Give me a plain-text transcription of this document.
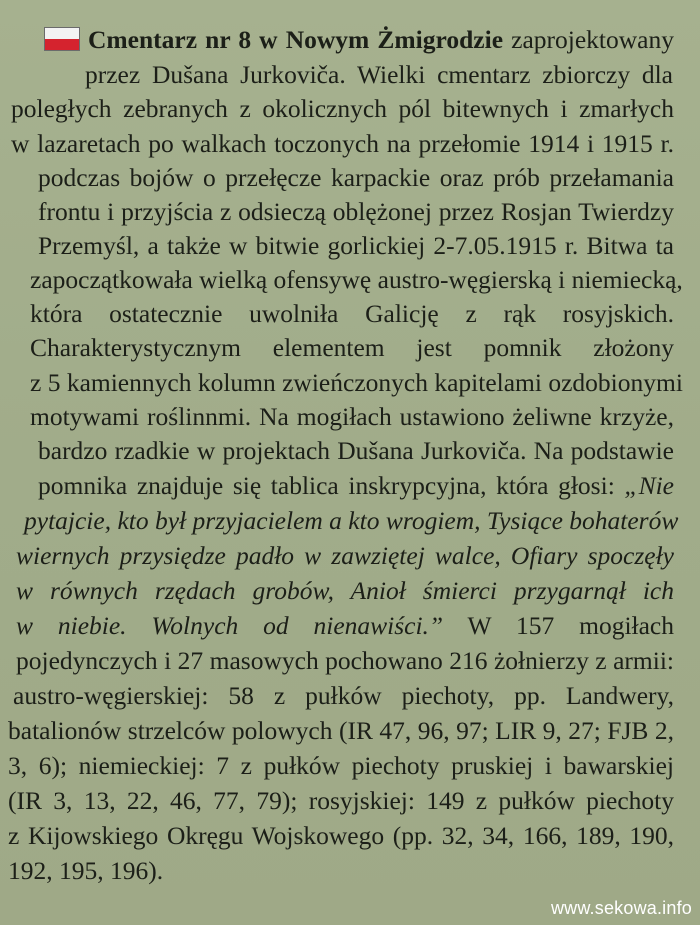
Cmentarz nr 8 w Nowym Żmigrodzie zaprojektowany
przez Dušana Jurkoviča. Wielki cmentarz zbiorczy dla
poległych zebranych z okolicznych pól bitewnych i zmarłych
w lazaretach po walkach toczonych na przełomie 1914 i 1915 r.
podczas bojów o przełęcze karpackie oraz prób przełamania
frontu i przyjścia z odsieczą oblężonej przez Rosjan Twierdzy
Przemyśl, a także w bitwie gorlickiej 2-7.05.1915 r. Bitwa ta
zapoczątkowała wielką ofensywę austro-węgierską i niemiecką,
która ostatecznie uwolniła Galicję z rąk rosyjskich.
Charakterystycznym elementem jest pomnik złożony
z 5 kamiennych kolumn zwieńczonych kapitelami ozdobionymi
motywami roślinnmi. Na mogiłach ustawiono żeliwne krzyże,
bardzo rzadkie w projektach Dušana Jurkoviča. Na podstawie
pomnika znajduje się tablica inskrypcyjna, która głosi: „Nie
pytajcie, kto był przyjacielem a kto wrogiem, Tysiące bohaterów
wiernych przysiędze padło w zawziętej walce, Ofiary spoczęły
w równych rzędach grobów, Anioł śmierci przygarnął ich
w niebie. Wolnych od nienawiści.” W 157 mogiłach
pojedynczych i 27 masowych pochowano 216 żołnierzy z armii:
austro-węgierskiej: 58 z pułków piechoty, pp. Landwery,
batalionów strzelców polowych (IR 47, 96, 97; LIR 9, 27; FJB 2,
3, 6); niemieckiej: 7 z pułków piechoty pruskiej i bawarskiej
(IR 3, 13, 22, 46, 77, 79); rosyjskiej: 149 z pułków piechoty
z Kijowskiego Okręgu Wojskowego (pp. 32, 34, 166, 189, 190,
192, 195, 196).
www.sekowa.info
